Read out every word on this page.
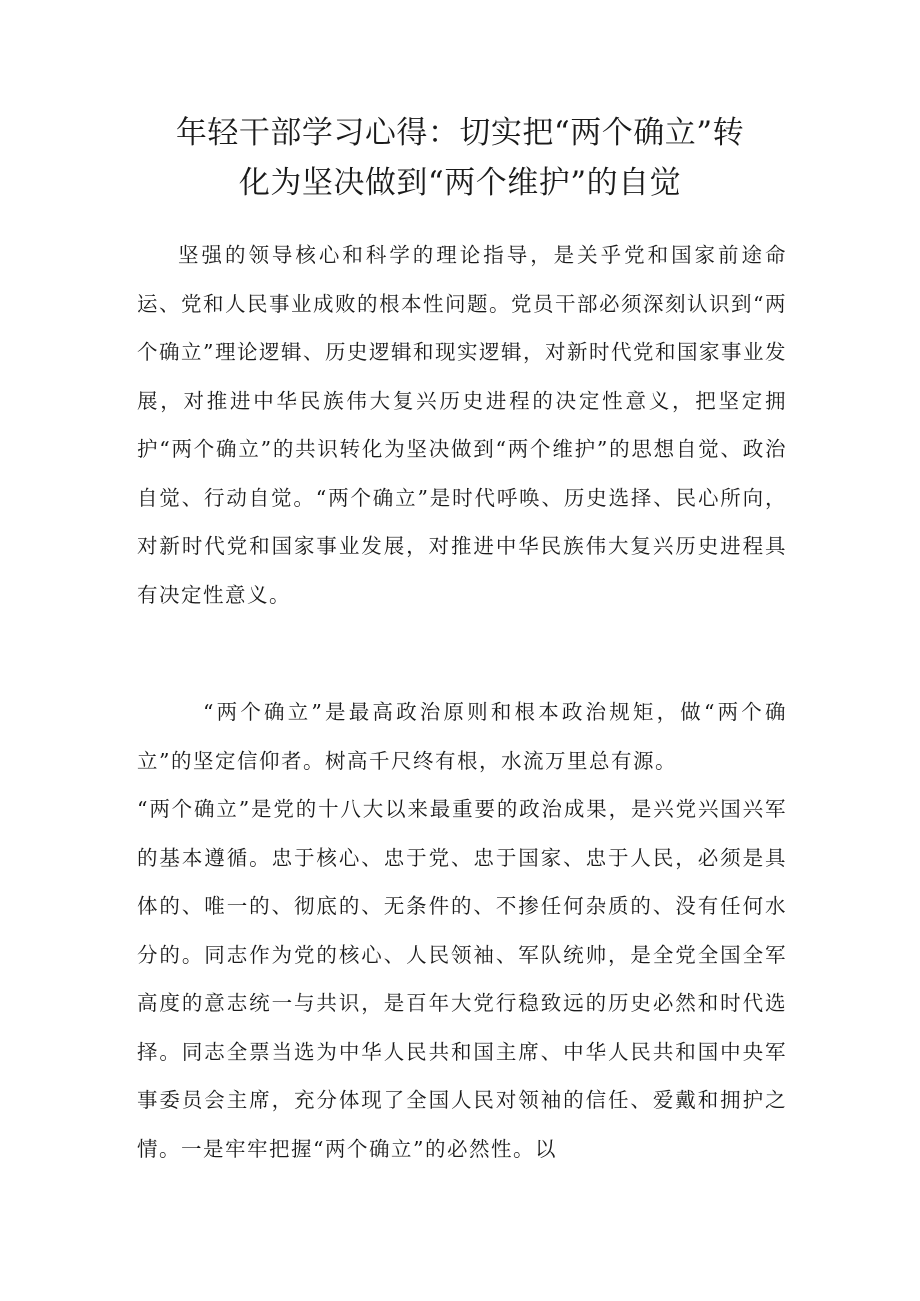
年轻干部学习心得：切实把“两个确立”转
化为坚决做到“两个维护”的自觉

坚强的领导核心和科学的理论指导，是关乎党和国家前途命运、党和人民事业成败的根本性问题。党员干部必须深刻认识到“两个确立”理论逻辑、历史逻辑和现实逻辑，对新时代党和国家事业发展，对推进中华民族伟大复兴历史进程的决定性意义，把坚定拥护“两个确立”的共识转化为坚决做到“两个维护”的思想自觉、政治自觉、行动自觉。“两个确立”是时代呼唤、历史选择、民心所向，对新时代党和国家事业发展，对推进中华民族伟大复兴历史进程具有决定性意义。

“两个确立”是最高政治原则和根本政治规矩，做“两个确立”的坚定信仰者。树高千尺终有根，水流万里总有源。
“两个确立”是党的十八大以来最重要的政治成果，是兴党兴国兴军的基本遵循。忠于核心、忠于党、忠于国家、忠于人民，必须是具体的、唯一的、彻底的、无条件的、不掺任何杂质的、没有任何水分的。同志作为党的核心、人民领袖、军队统帅，是全党全国全军高度的意志统一与共识，是百年大党行稳致远的历史必然和时代选择。同志全票当选为中华人民共和国主席、中华人民共和国中央军事委员会主席，充分体现了全国人民对领袖的信任、爱戴和拥护之情。一是牢牢把握“两个确立”的必然性。以
